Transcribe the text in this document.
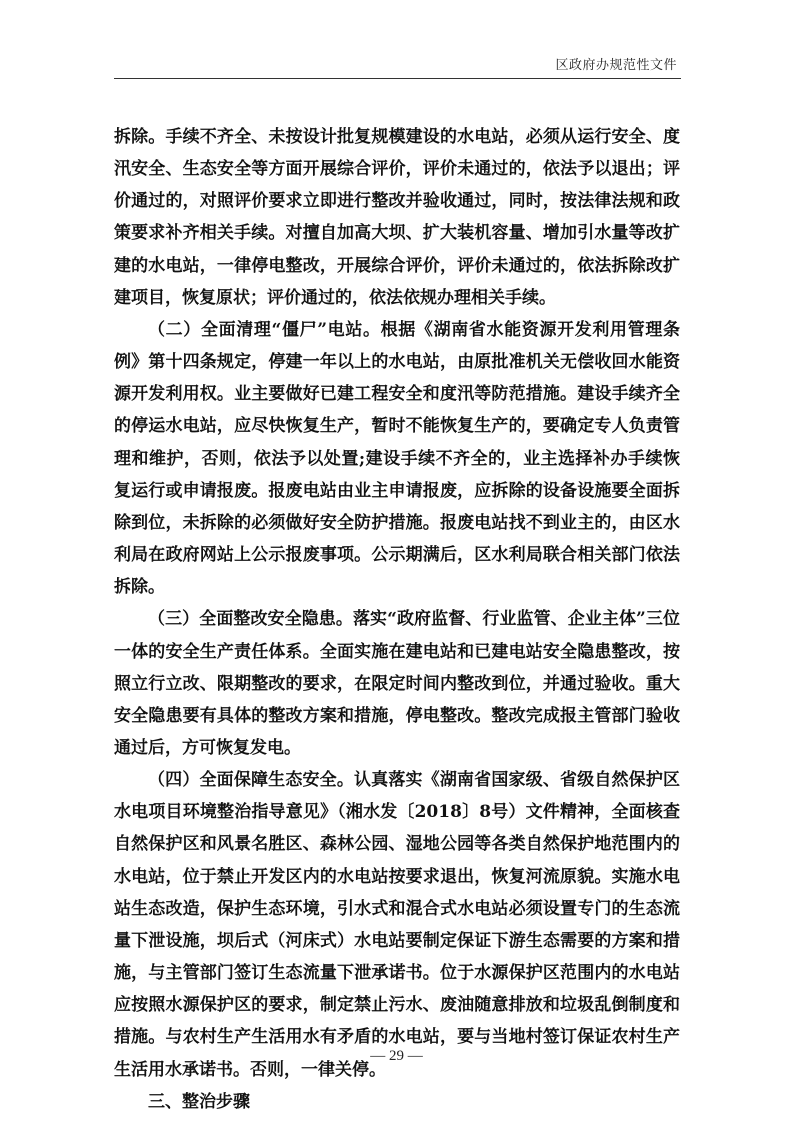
区政府办规范性文件

拆除。手续不齐全、未按设计批复规模建设的水电站，必须从运行安全、度汛安全、生态安全等方面开展综合评价，评价未通过的，依法予以退出；评价通过的，对照评价要求立即进行整改并验收通过，同时，按法律法规和政策要求补齐相关手续。对擅自加高大坝、扩大装机容量、增加引水量等改扩建的水电站，一律停电整改，开展综合评价，评价未通过的，依法拆除改扩建项目，恢复原状；评价通过的，依法依规办理相关手续。

（二）全面清理“僵尸”电站。根据《湖南省水能资源开发利用管理条例》第十四条规定，停建一年以上的水电站，由原批准机关无偿收回水能资源开发利用权。业主要做好已建工程安全和度汛等防范措施。建设手续齐全的停运水电站，应尽快恢复生产，暂时不能恢复生产的，要确定专人负责管理和维护，否则，依法予以处置;建设手续不齐全的，业主选择补办手续恢复运行或申请报废。报废电站由业主申请报废，应拆除的设备设施要全面拆除到位，未拆除的必须做好安全防护措施。报废电站找不到业主的，由区水利局在政府网站上公示报废事项。公示期满后，区水利局联合相关部门依法拆除。

（三）全面整改安全隐患。落实“政府监督、行业监管、企业主体”三位一体的安全生产责任体系。全面实施在建电站和已建电站安全隐患整改，按照立行立改、限期整改的要求，在限定时间内整改到位，并通过验收。重大安全隐患要有具体的整改方案和措施，停电整改。整改完成报主管部门验收通过后，方可恢复发电。

（四）全面保障生态安全。认真落实《湖南省国家级、省级自然保护区水电项目环境整治指导意见》（湘水发〔2018〕8号）文件精神，全面核查自然保护区和风景名胜区、森林公园、湿地公园等各类自然保护地范围内的水电站，位于禁止开发区内的水电站按要求退出，恢复河流原貌。实施水电站生态改造，保护生态环境，引水式和混合式水电站必须设置专门的生态流量下泄设施，坝后式（河床式）水电站要制定保证下游生态需要的方案和措施，与主管部门签订生态流量下泄承诺书。位于水源保护区范围内的水电站应按照水源保护区的要求，制定禁止污水、废油随意排放和垃圾乱倒制度和措施。与农村生产生活用水有矛盾的水电站，要与当地村签订保证农村生产生活用水承诺书。否则，一律关停。

三、整治步骤

— 29 —
